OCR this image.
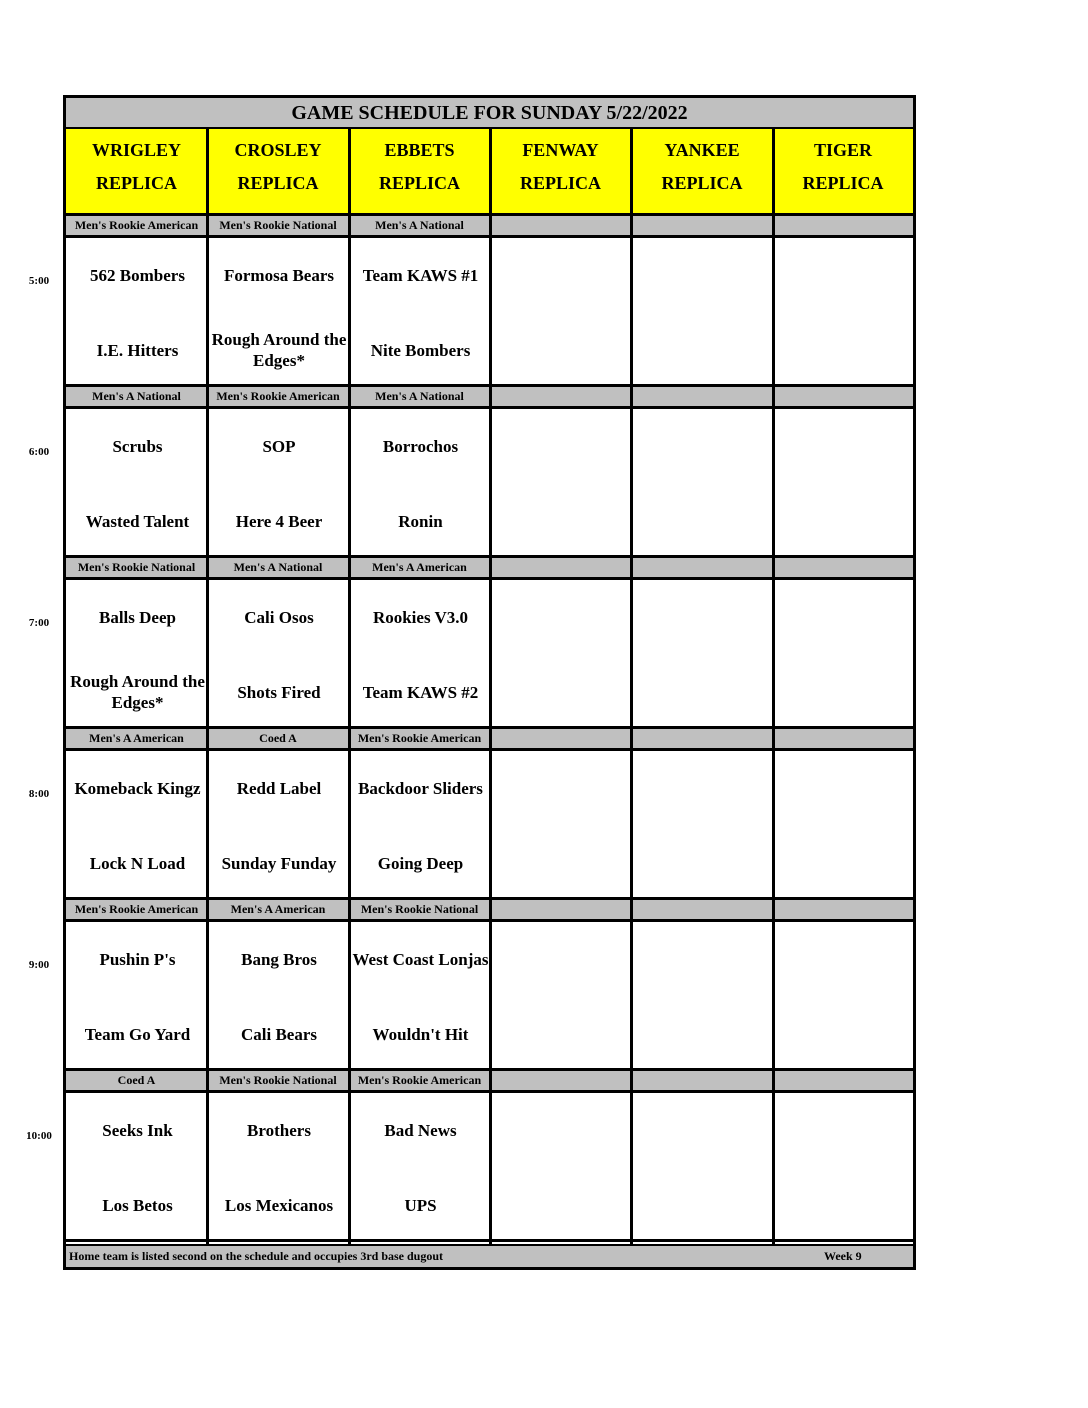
GAME SCHEDULE FOR SUNDAY 5/22/2022
Home team is listed second on the schedule and occupies 3rd base dugout	Week 9
WRIGLEY
REPLICA
CROSLEY
REPLICA
EBBETS
REPLICA
FENWAY
REPLICA
YANKEE
REPLICA
TIGER
REPLICA
Men's Rookie American
562 Bombers
I.E. Hitters
Men's Rookie National
Formosa Bears
Rough Around the Edges*
Men's A National
Team KAWS #1
Nite Bombers
Men's A National
Scrubs
Wasted Talent
Men's Rookie American
SOP
Here 4 Beer
Men's A National
Borrochos
Ronin
Men's Rookie National
Balls Deep
Rough Around the Edges*
Men's A National
Cali Osos
Shots Fired
Men's A American
Rookies V3.0
Team KAWS #2
Men's A American
Komeback Kingz
Lock N Load
Coed A
Redd Label
Sunday Funday
Men's Rookie American
Backdoor Sliders
Going Deep
Men's Rookie American
Pushin P's
Team Go Yard
Men's A American
Bang Bros
Cali Bears
Men's Rookie National
West Coast Lonjas
Wouldn't Hit
Coed A
Seeks Ink
Los Betos
Men's Rookie National
Brothers
Los Mexicanos
Men's Rookie American
Bad News
UPS
5:00
6:00
7:00
8:00
9:00
10:00
